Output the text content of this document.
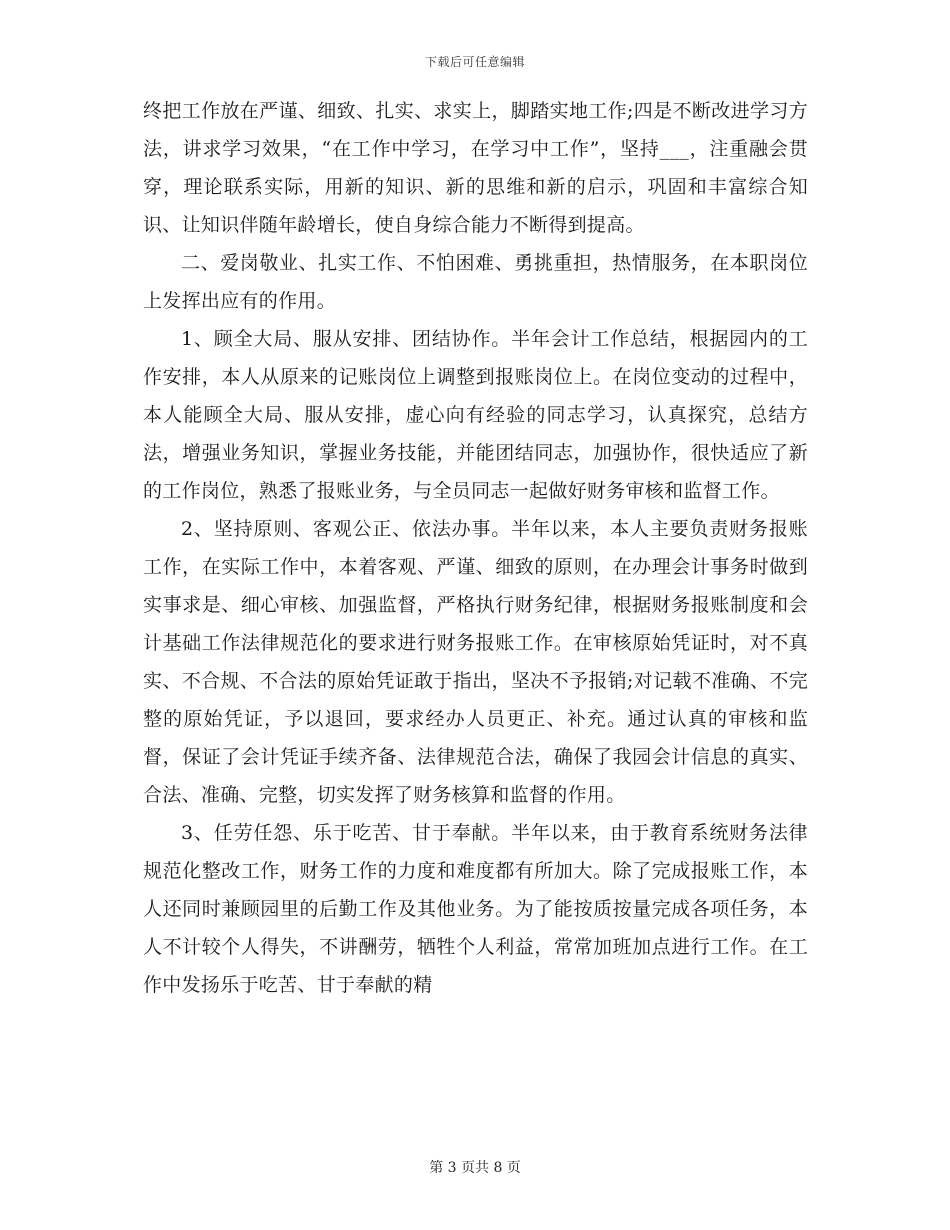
下载后可任意编辑

终把工作放在严谨、细致、扎实、求实上，脚踏实地工作;四是不断改进学习方法，讲求学习效果，“在工作中学习，在学习中工作”，坚持___，注重融会贯穿，理论联系实际，用新的知识、新的思维和新的启示，巩固和丰富综合知识、让知识伴随年龄增长，使自身综合能力不断得到提高。

二、爱岗敬业、扎实工作、不怕困难、勇挑重担，热情服务，在本职岗位上发挥出应有的作用。

1、顾全大局、服从安排、团结协作。半年会计工作总结，根据园内的工作安排，本人从原来的记账岗位上调整到报账岗位上。在岗位变动的过程中，本人能顾全大局、服从安排，虚心向有经验的同志学习，认真探究，总结方法，增强业务知识，掌握业务技能，并能团结同志，加强协作，很快适应了新的工作岗位，熟悉了报账业务，与全员同志一起做好财务审核和监督工作。

2、坚持原则、客观公正、依法办事。半年以来，本人主要负责财务报账工作，在实际工作中，本着客观、严谨、细致的原则，在办理会计事务时做到实事求是、细心审核、加强监督，严格执行财务纪律，根据财务报账制度和会计基础工作法律规范化的要求进行财务报账工作。在审核原始凭证时，对不真实、不合规、不合法的原始凭证敢于指出，坚决不予报销;对记载不准确、不完整的原始凭证，予以退回，要求经办人员更正、补充。通过认真的审核和监督，保证了会计凭证手续齐备、法律规范合法，确保了我园会计信息的真实、合法、准确、完整，切实发挥了财务核算和监督的作用。

3、任劳任怨、乐于吃苦、甘于奉献。半年以来，由于教育系统财务法律规范化整改工作，财务工作的力度和难度都有所加大。除了完成报账工作，本人还同时兼顾园里的后勤工作及其他业务。为了能按质按量完成各项任务，本人不计较个人得失，不讲酬劳，牺牲个人利益，常常加班加点进行工作。在工作中发扬乐于吃苦、甘于奉献的精

第 3 页共 8 页
